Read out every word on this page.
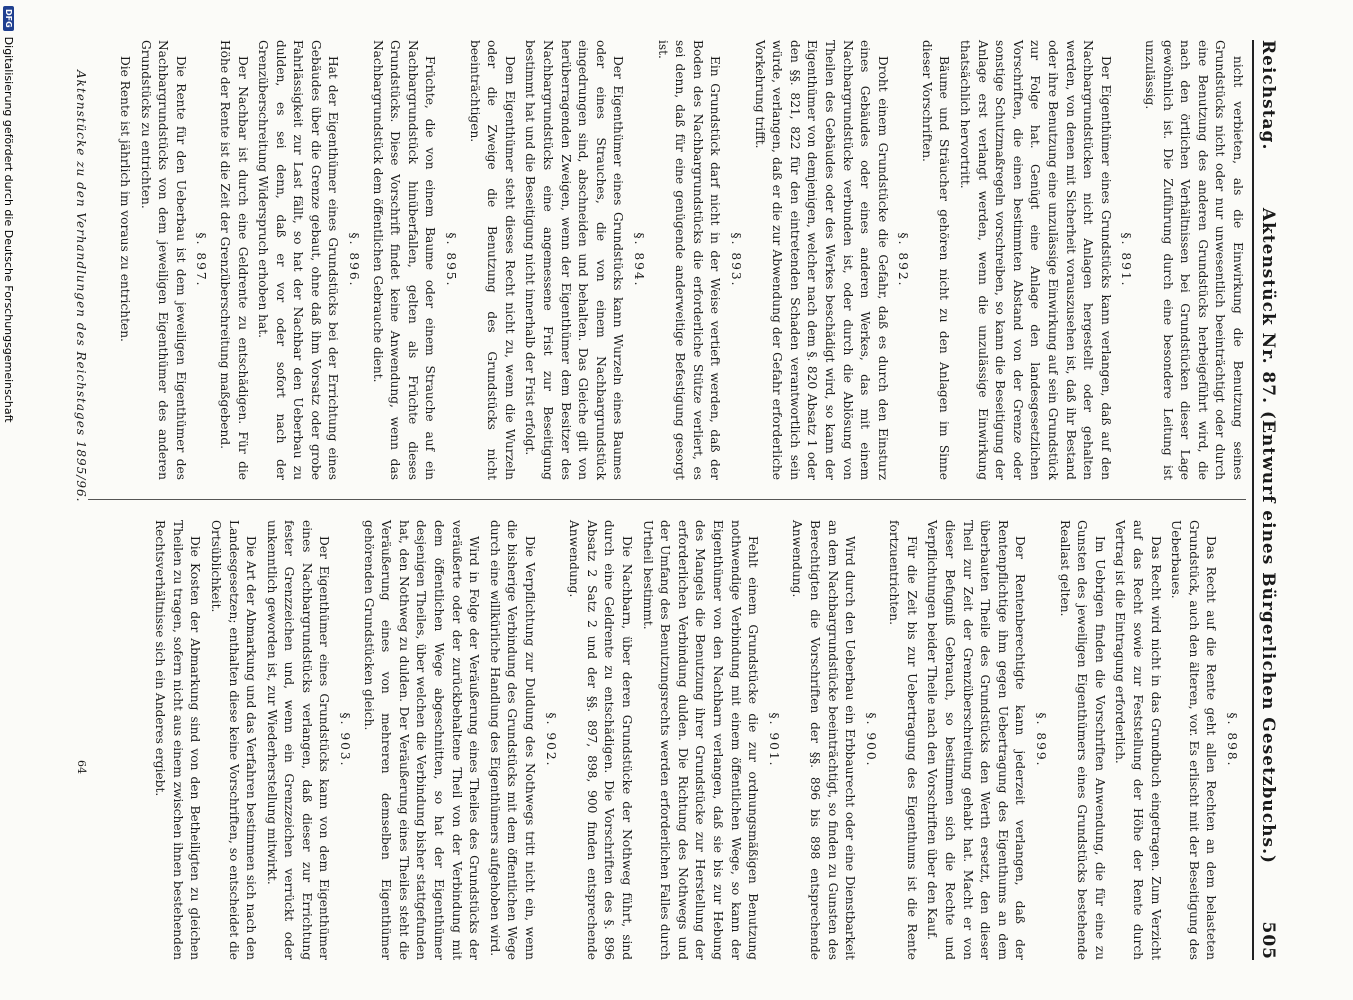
Reichstag.
Aktenstück Nr. 87. (Entwurf eines Bürgerlichen Gesetzbuchs.)
505
nicht verbieten, als die Einwirkung die Benutzung seines Grundstücks nicht oder nur unwesentlich beeinträchtigt oder durch eine Benutzung des anderen Grundstücks herbeigeführt wird, die nach den örtlichen Verhältnissen bei Grundstücken dieser Lage gewöhnlich ist. Die Zuführung durch eine besondere Leitung ist unzulässig.
§. 891.
Der Eigenthümer eines Grundstücks kann verlangen, daß auf den Nachbargrundstücken nicht Anlagen hergestellt oder gehalten werden, von denen mit Sicherheit vorauszusehen ist, daß ihr Bestand oder ihre Benutzung eine unzulässige Einwirkung auf sein Grundstück zur Folge hat. Genügt eine Anlage den landesgesetzlichen Vorschriften, die einen bestimmten Abstand von der Grenze oder sonstige Schutzmaßregeln vorschreiben, so kann die Beseitigung der Anlage erst verlangt werden, wenn die unzulässige Einwirkung thatsächlich hervortritt.
Bäume und Sträucher gehören nicht zu den Anlagen im Sinne dieser Vorschriften.
§. 892.
Droht einem Grundstücke die Gefahr, daß es durch den Einsturz eines Gebäudes oder eines anderen Werkes, das mit einem Nachbargrundstücke verbunden ist, oder durch die Ablösung von Theilen des Gebäudes oder des Werkes beschädigt wird, so kann der Eigenthümer von demjenigen, welcher nach dem §. 820 Absatz 1 oder den §§. 821, 822 für den eintretenden Schaden verantwortlich sein würde, verlangen, daß er die zur Abwendung der Gefahr erforderliche Vorkehrung trifft.
§. 893.
Ein Grundstück darf nicht in der Weise vertieft werden, daß der Boden des Nachbargrundstücks die erforderliche Stütze verliert, es sei denn, daß für eine genügende anderweitige Befestigung gesorgt ist.
§. 894.
Der Eigenthümer eines Grundstücks kann Wurzeln eines Baumes oder eines Strauches, die von einem Nachbargrundstück eingedrungen sind, abschneiden und behalten. Das Gleiche gilt von herüberragenden Zweigen, wenn der Eigenthümer dem Besitzer des Nachbargrundstücks eine angemessene Frist zur Beseitigung bestimmt hat und die Beseitigung nicht innerhalb der Frist erfolgt.
Dem Eigenthümer steht dieses Recht nicht zu, wenn die Wurzeln oder die Zweige die Benutzung des Grundstücks nicht beeinträchtigen.
§. 895.
Früchte, die von einem Baume oder einem Strauche auf ein Nachbargrundstück hinüberfallen, gelten als Früchte dieses Grundstücks. Diese Vorschrift findet keine Anwendung, wenn das Nachbargrundstück dem öffentlichen Gebrauche dient.
§. 896.
Hat der Eigenthümer eines Grundstücks bei der Errichtung eines Gebäudes über die Grenze gebaut, ohne daß ihm Vorsatz oder grobe Fahrlässigkeit zur Last fällt, so hat der Nachbar den Ueberbau zu dulden, es sei denn, daß er vor oder sofort nach der Grenzüberschreitung Widerspruch erhoben hat.
Der Nachbar ist durch eine Geldrente zu entschädigen. Für die Höhe der Rente ist die Zeit der Grenzüberschreitung maßgebend.
§. 897.
Die Rente für den Ueberbau ist dem jeweiligen Eigenthümer des Nachbargrundstücks von dem jeweiligen Eigenthümer des anderen Grundstücks zu entrichten.
Die Rente ist jährlich im voraus zu entrichten.
§. 898.
Das Recht auf die Rente geht allen Rechten an dem belasteten Grundstück, auch den älteren, vor. Es erlischt mit der Beseitigung des Ueberbaues.
Das Recht wird nicht in das Grundbuch eingetragen. Zum Verzicht auf das Recht sowie zur Feststellung der Höhe der Rente durch Vertrag ist die Eintragung erforderlich.
Im Uebrigen finden die Vorschriften Anwendung, die für eine zu Gunsten des jeweiligen Eigenthümers eines Grundstücks bestehende Reallast gelten.
§. 899.
Der Rentenberechtigte kann jederzeit verlangen, daß der Rentenpflichtige ihm gegen Uebertragung des Eigenthums an dem überbauten Theile des Grundstücks den Werth ersetzt, den dieser Theil zur Zeit der Grenzüberschreitung gehabt hat. Macht er von dieser Befugniß Gebrauch, so bestimmen sich die Rechte und Verpflichtungen beider Theile nach den Vorschriften über den Kauf.
Für die Zeit bis zur Uebertragung des Eigenthums ist die Rente fortzuentrichten.
§. 900.
Wird durch den Ueberbau ein Erbbaurecht oder eine Dienstbarkeit an dem Nachbargrundstücke beeinträchtigt, so finden zu Gunsten des Berechtigten die Vorschriften der §§. 896 bis 898 entsprechende Anwendung.
§. 901.
Fehlt einem Grundstücke die zur ordnungsmäßigen Benutzung nothwendige Verbindung mit einem öffentlichen Wege, so kann der Eigenthümer von den Nachbarn verlangen, daß sie bis zur Hebung des Mangels die Benutzung ihrer Grundstücke zur Herstellung der erforderlichen Verbindung dulden. Die Richtung des Nothwegs und der Umfang des Benutzungsrechts werden erforderlichen Falles durch Urtheil bestimmt.
Die Nachbarn, über deren Grundstücke der Nothweg führt, sind durch eine Geldrente zu entschädigen. Die Vorschriften des §. 896 Absatz 2 Satz 2 und der §§. 897, 898, 900 finden entsprechende Anwendung.
§. 902.
Die Verpflichtung zur Duldung des Nothwegs tritt nicht ein, wenn die bisherige Verbindung des Grundstücks mit dem öffentlichen Wege durch eine willkürliche Handlung des Eigenthümers aufgehoben wird.
Wird in Folge der Veräußerung eines Theiles des Grundstücks der veräußerte oder der zurückbehaltene Theil von der Verbindung mit dem öffentlichen Wege abgeschnitten, so hat der Eigenthümer desjenigen Theiles, über welchen die Verbindung bisher stattgefunden hat, den Nothweg zu dulden. Der Veräußerung eines Theiles steht die Veräußerung eines von mehreren demselben Eigenthümer gehörenden Grundstücken gleich.
§. 903.
Der Eigenthümer eines Grundstücks kann von dem Eigenthümer eines Nachbargrundstücks verlangen, daß dieser zur Errichtung fester Grenzzeichen und, wenn ein Grenzzeichen verrückt oder unkenntlich geworden ist, zur Wiederherstellung mitwirkt.
Die Art der Abmarkung und das Verfahren bestimmen sich nach den Landesgesetzen; enthalten diese keine Vorschriften, so entscheidet die Ortsüblichkeit.
Die Kosten der Abmarkung sind von den Betheiligten zu gleichen Theilen zu tragen, sofern nicht aus einem zwischen ihnen bestehenden Rechtsverhältnisse sich ein Anderes ergiebt.
Aktenstücke zu den Verhandlungen des Reichstages 1895/96.
64
DFG
Digitalisierung gefördert durch die Deutsche Forschungsgemeinschaft
